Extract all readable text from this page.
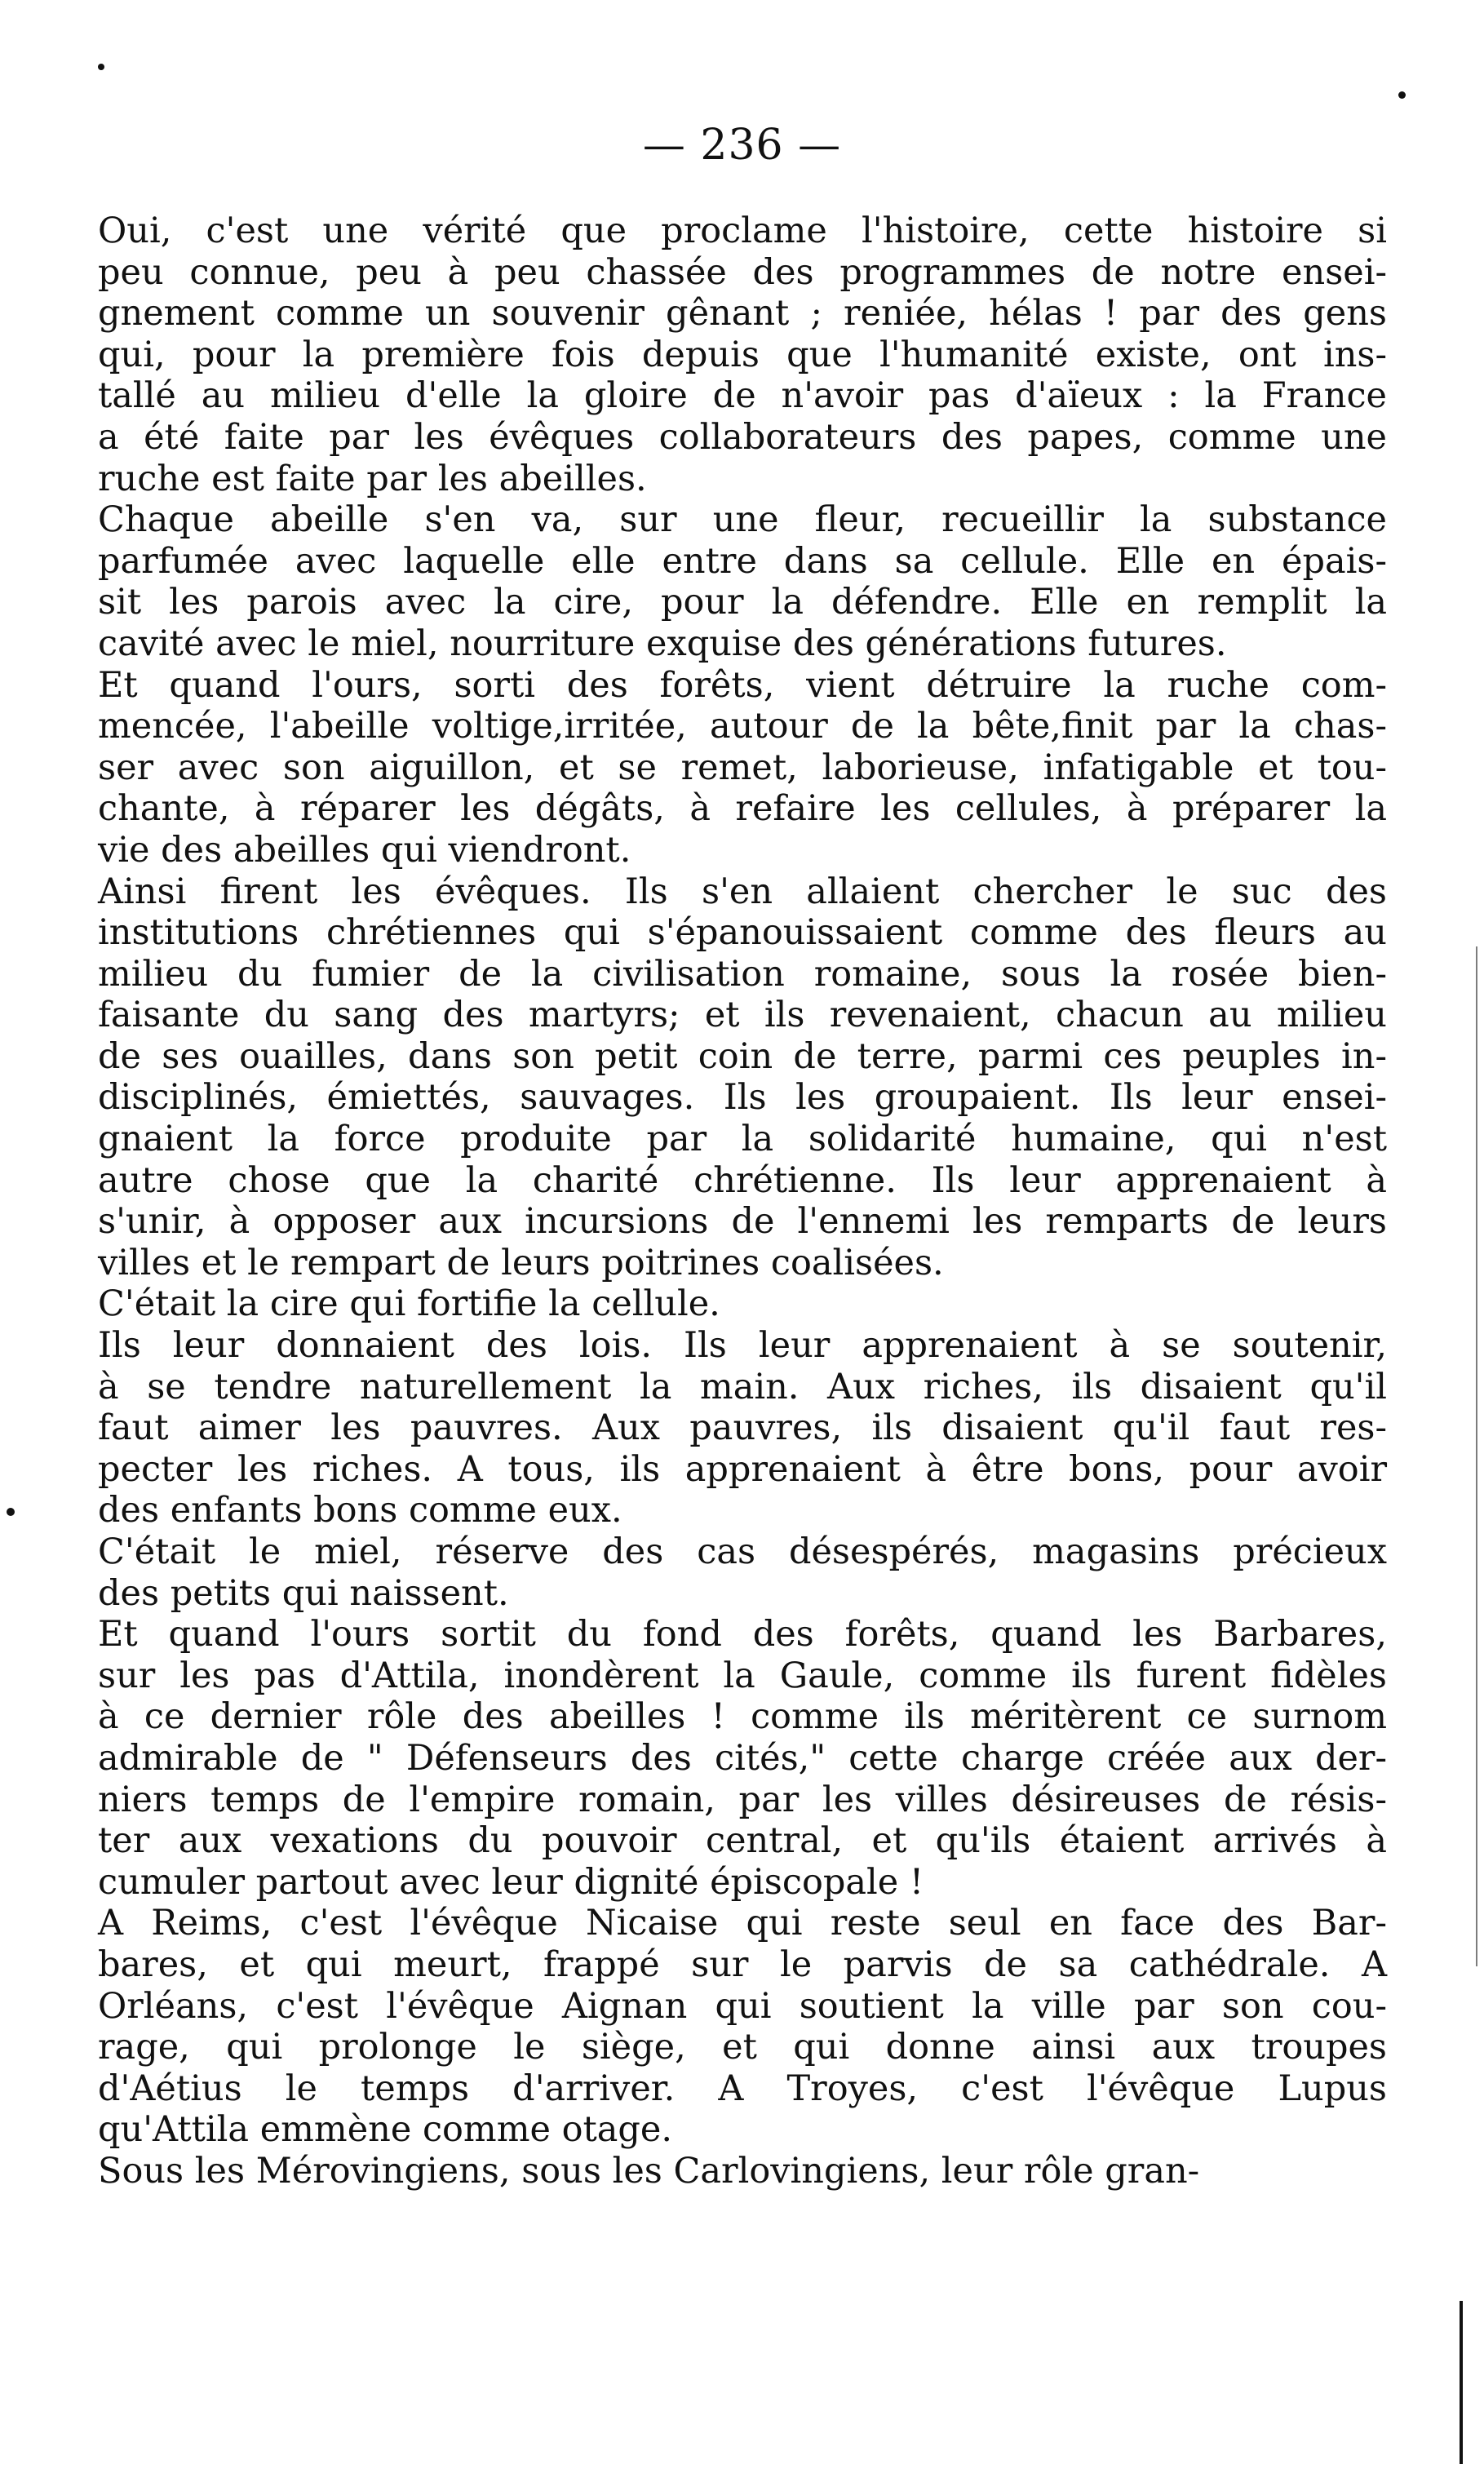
— 236 —
Oui, c'est une vérité que proclame l'histoire, cette histoire si
peu connue, peu à peu chassée des programmes de notre ensei-
gnement comme un souvenir gênant ; reniée, hélas ! par des gens
qui, pour la première fois depuis que l'humanité existe, ont ins-
tallé au milieu d'elle la gloire de n'avoir pas d'aïeux : la France
a été faite par les évêques collaborateurs des papes, comme une
ruche est faite par les abeilles.
Chaque abeille s'en va, sur une fleur, recueillir la substance
parfumée avec laquelle elle entre dans sa cellule. Elle en épais-
sit les parois avec la cire, pour la défendre. Elle en remplit la
cavité avec le miel, nourriture exquise des générations futures.
Et quand l'ours, sorti des forêts, vient détruire la ruche com-
mencée, l'abeille voltige,irritée, autour de la bête,finit par la chas-
ser avec son aiguillon, et se remet, laborieuse, infatigable et tou-
chante, à réparer les dégâts, à refaire les cellules, à préparer la
vie des abeilles qui viendront.
Ainsi firent les évêques. Ils s'en allaient chercher le suc des
institutions chrétiennes qui s'épanouissaient comme des fleurs au
milieu du fumier de la civilisation romaine, sous la rosée bien-
faisante du sang des martyrs; et ils revenaient, chacun au milieu
de ses ouailles, dans son petit coin de terre, parmi ces peuples in-
disciplinés, émiettés, sauvages. Ils les groupaient. Ils leur ensei-
gnaient la force produite par la solidarité humaine, qui n'est
autre chose que la charité chrétienne. Ils leur apprenaient à
s'unir, à opposer aux incursions de l'ennemi les remparts de leurs
villes et le rempart de leurs poitrines coalisées.
C'était la cire qui fortifie la cellule.
Ils leur donnaient des lois. Ils leur apprenaient à se soutenir,
à se tendre naturellement la main. Aux riches, ils disaient qu'il
faut aimer les pauvres. Aux pauvres, ils disaient qu'il faut res-
pecter les riches. A tous, ils apprenaient à être bons, pour avoir
des enfants bons comme eux.
C'était le miel, réserve des cas désespérés, magasins précieux
des petits qui naissent.
Et quand l'ours sortit du fond des forêts, quand les Barbares,
sur les pas d'Attila, inondèrent la Gaule, comme ils furent fidèles
à ce dernier rôle des abeilles ! comme ils méritèrent ce surnom
admirable de " Défenseurs des cités," cette charge créée aux der-
niers temps de l'empire romain, par les villes désireuses de résis-
ter aux vexations du pouvoir central, et qu'ils étaient arrivés à
cumuler partout avec leur dignité épiscopale !
A Reims, c'est l'évêque Nicaise qui reste seul en face des Bar-
bares, et qui meurt, frappé sur le parvis de sa cathédrale. A
Orléans, c'est l'évêque Aignan qui soutient la ville par son cou-
rage, qui prolonge le siège, et qui donne ainsi aux troupes
d'Aétius le temps d'arriver. A Troyes, c'est l'évêque Lupus
qu'Attila emmène comme otage.
Sous les Mérovingiens, sous les Carlovingiens, leur rôle gran-
